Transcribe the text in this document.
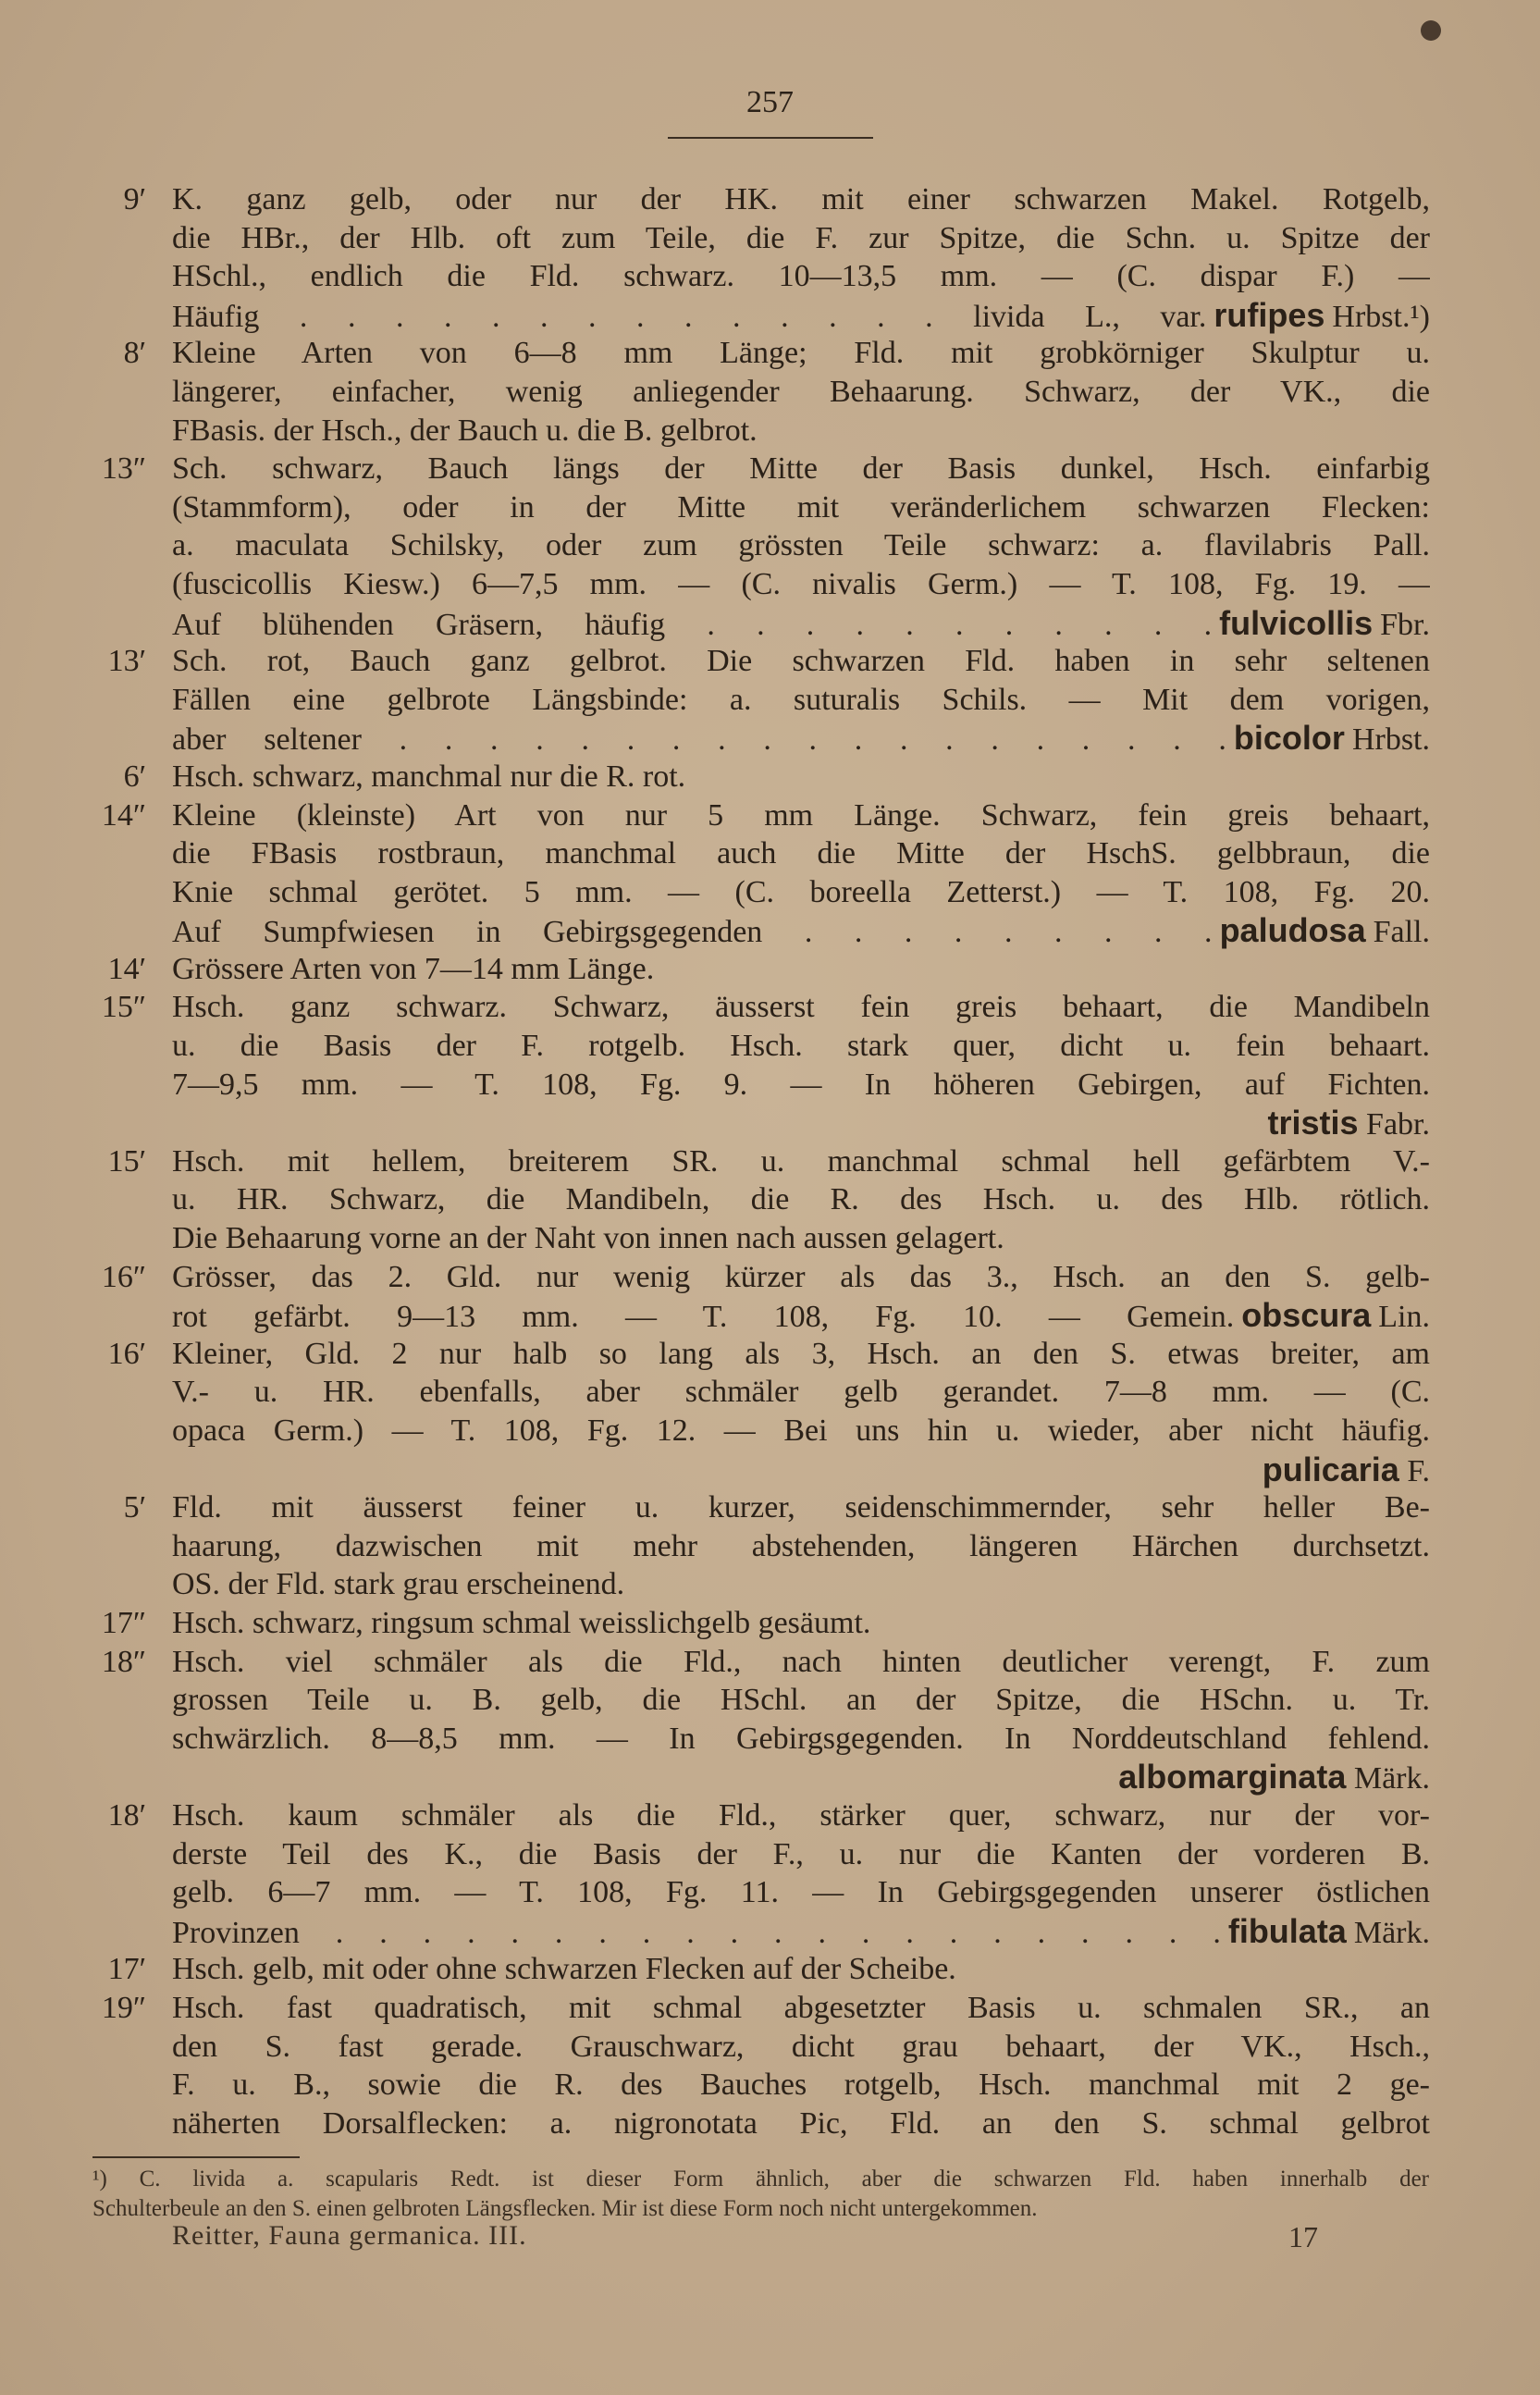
257
9′ K. ganz gelb, oder nur der HK. mit einer schwarzen Makel. Rotgelb,
die HBr., der Hlb. oft zum Teile, die F. zur Spitze, die Schn. u. Spitze der
HSchl., endlich die Fld. schwarz. 10—13,5 mm. — (C. dispar F.) —
Häufig . . . . . . . . . . . . . . livida L., var. rufipes Hrbst.¹)
8′ Kleine Arten von 6—8 mm Länge; Fld. mit grobkörniger Skulptur u.
längerer, einfacher, wenig anliegender Behaarung. Schwarz, der VK., die
FBasis. der Hsch., der Bauch u. die B. gelbrot.
13″ Sch. schwarz, Bauch längs der Mitte der Basis dunkel, Hsch. einfarbig
(Stammform), oder in der Mitte mit veränderlichem schwarzen Flecken:
a. maculata Schilsky, oder zum grössten Teile schwarz: a. flavilabris Pall.
(fuscicollis Kiesw.) 6—7,5 mm. — (C. nivalis Germ.) — T. 108, Fg. 19. —
Auf blühenden Gräsern, häufig . . . . . . . . . . . fulvicollis Fbr.
13′ Sch. rot, Bauch ganz gelbrot. Die schwarzen Fld. haben in sehr seltenen
Fällen eine gelbrote Längsbinde: a. suturalis Schils. — Mit dem vorigen,
aber seltener . . . . . . . . . . . . . . . . . . . bicolor Hrbst.
6′ Hsch. schwarz, manchmal nur die R. rot.
14″ Kleine (kleinste) Art von nur 5 mm Länge. Schwarz, fein greis behaart,
die FBasis rostbraun, manchmal auch die Mitte der HschS. gelbbraun, die
Knie schmal gerötet. 5 mm. — (C. boreella Zetterst.) — T. 108, Fg. 20.
Auf Sumpfwiesen in Gebirgsgegenden . . . . . . . . . paludosa Fall.
14′ Grössere Arten von 7—14 mm Länge.
15″ Hsch. ganz schwarz. Schwarz, äusserst fein greis behaart, die Mandibeln
u. die Basis der F. rotgelb. Hsch. stark quer, dicht u. fein behaart.
7—9,5 mm. — T. 108, Fg. 9. — In höheren Gebirgen, auf Fichten.
tristis Fabr.
15′ Hsch. mit hellem, breiterem SR. u. manchmal schmal hell gefärbtem V.-
u. HR. Schwarz, die Mandibeln, die R. des Hsch. u. des Hlb. rötlich.
Die Behaarung vorne an der Naht von innen nach aussen gelagert.
16″ Grösser, das 2. Gld. nur wenig kürzer als das 3., Hsch. an den S. gelb-
rot gefärbt. 9—13 mm. — T. 108, Fg. 10. — Gemein. obscura Lin.
16′ Kleiner, Gld. 2 nur halb so lang als 3, Hsch. an den S. etwas breiter, am
V.- u. HR. ebenfalls, aber schmäler gelb gerandet. 7—8 mm. — (C.
opaca Germ.) — T. 108, Fg. 12. — Bei uns hin u. wieder, aber nicht häufig.
pulicaria F.
5′ Fld. mit äusserst feiner u. kurzer, seidenschimmernder, sehr heller Be-
haarung, dazwischen mit mehr abstehenden, längeren Härchen durchsetzt.
OS. der Fld. stark grau erscheinend.
17″ Hsch. schwarz, ringsum schmal weisslichgelb gesäumt.
18″ Hsch. viel schmäler als die Fld., nach hinten deutlicher verengt, F. zum
grossen Teile u. B. gelb, die HSchl. an der Spitze, die HSchn. u. Tr.
schwärzlich. 8—8,5 mm. — In Gebirgsgegenden. In Norddeutschland fehlend.
albomarginata Märk.
18′ Hsch. kaum schmäler als die Fld., stärker quer, schwarz, nur der vor-
derste Teil des K., die Basis der F., u. nur die Kanten der vorderen B.
gelb. 6—7 mm. — T. 108, Fg. 11. — In Gebirgsgegenden unserer östlichen
Provinzen . . . . . . . . . . . . . . . . . . . . . fibulata Märk.
17′ Hsch. gelb, mit oder ohne schwarzen Flecken auf der Scheibe.
19″ Hsch. fast quadratisch, mit schmal abgesetzter Basis u. schmalen SR., an
den S. fast gerade. Grauschwarz, dicht grau behaart, der VK., Hsch.,
F. u. B., sowie die R. des Bauches rotgelb, Hsch. manchmal mit 2 ge-
näherten Dorsalflecken: a. nigronotata Pic, Fld. an den S. schmal gelbrot
¹) C. livida a. scapularis Redt. ist dieser Form ähnlich, aber die schwarzen Fld. haben innerhalb der
Schulterbeule an den S. einen gelbroten Längsflecken. Mir ist diese Form noch nicht untergekommen.
Reitter, Fauna germanica. III.	17
